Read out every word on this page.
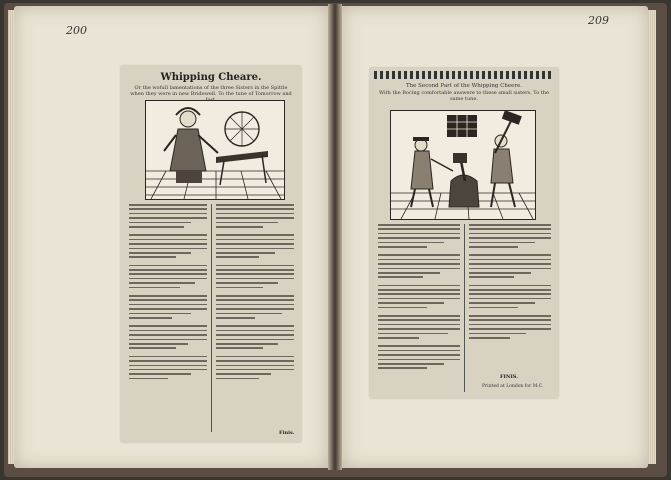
200
209
Whipping Cheare.
Or the wofull lamentations of the three Sisters in the Spittle when they were in new Bridewell. To the tune of Tomorrow and
Finis.
The Second Part of the Whipping Cheere.
With the Bocing comfortable answere to these small sisters. To the same tune.
FINIS.
Printed at London for M.C.
